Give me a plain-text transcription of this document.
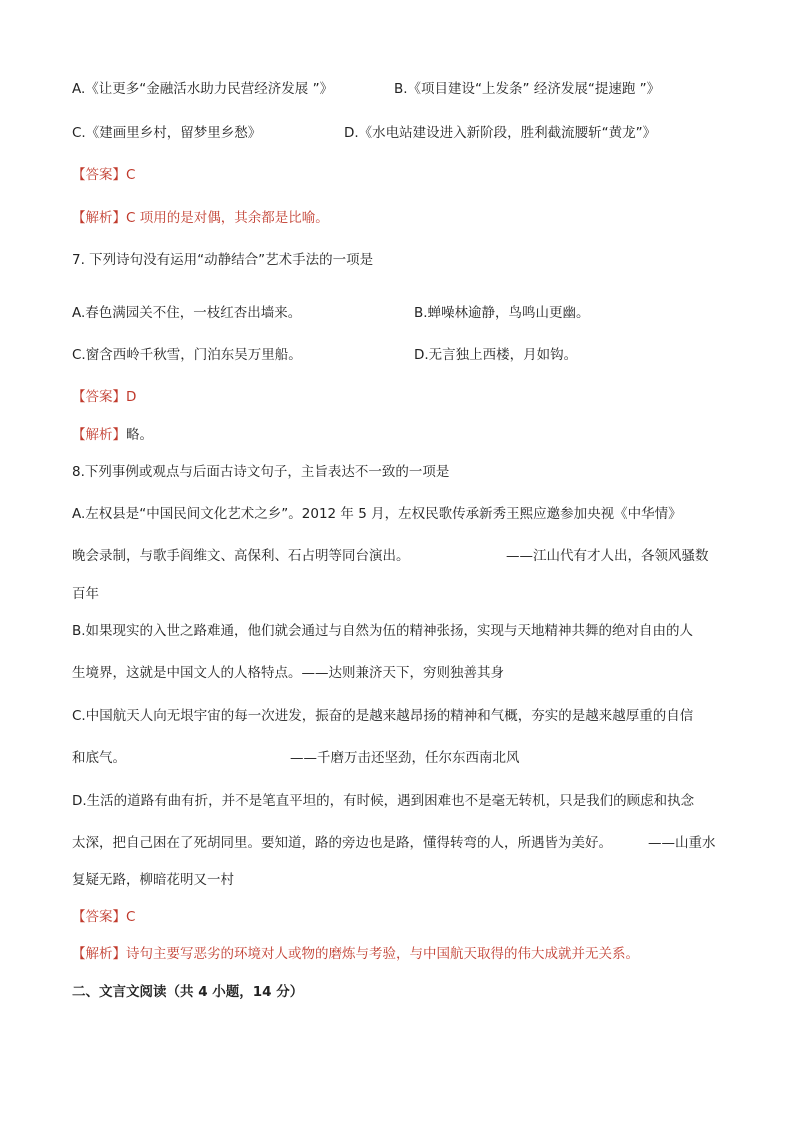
A.《让更多“金融活水助力民营经济发展 ”》	B.《项目建设“上发条” 经济发展“提速跑 ”》
C.《建画里乡村，留梦里乡愁》	D.《水电站建设进入新阶段，胜利截流腰斩“黄龙”》
【答案】C
【解析】C 项用的是对偶，其余都是比喻。
7. 下列诗句没有运用“动静结合”艺术手法的一项是
A.春色满园关不住，一枝红杏出墙来。	B.蝉噪林逾静，鸟鸣山更幽。
C.窗含西岭千秋雪，门泊东吴万里船。	D.无言独上西楼，月如钩。
【答案】D
【解析】略。
8.下列事例或观点与后面古诗文句子，主旨表达不一致的一项是
A.左权县是“中国民间文化艺术之乡”。2012 年 5 月，左权民歌传承新秀王熙应邀参加央视《中华情》
晚会录制，与歌手阎维文、高保利、石占明等同台演出。	——江山代有才人出，各领风骚数
百年
B.如果现实的入世之路难通，他们就会通过与自然为伍的精神张扬，实现与天地精神共舞的绝对自由的人
生境界，这就是中国文人的人格特点。——达则兼济天下，穷则独善其身
C.中国航天人向无垠宇宙的每一次进发，振奋的是越来越昂扬的精神和气概，夯实的是越来越厚重的自信
和底气。	——千磨万击还坚劲，任尔东西南北风
D.生活的道路有曲有折，并不是笔直平坦的，有时候，遇到困难也不是毫无转机，只是我们的顾虑和执念
太深，把自己困在了死胡同里。要知道，路的旁边也是路，懂得转弯的人，所遇皆为美好。	——山重水
复疑无路，柳暗花明又一村
【答案】C
【解析】诗句主要写恶劣的环境对人或物的磨炼与考验，与中国航天取得的伟大成就并无关系。
二、文言文阅读（共 4 小题，14 分）
